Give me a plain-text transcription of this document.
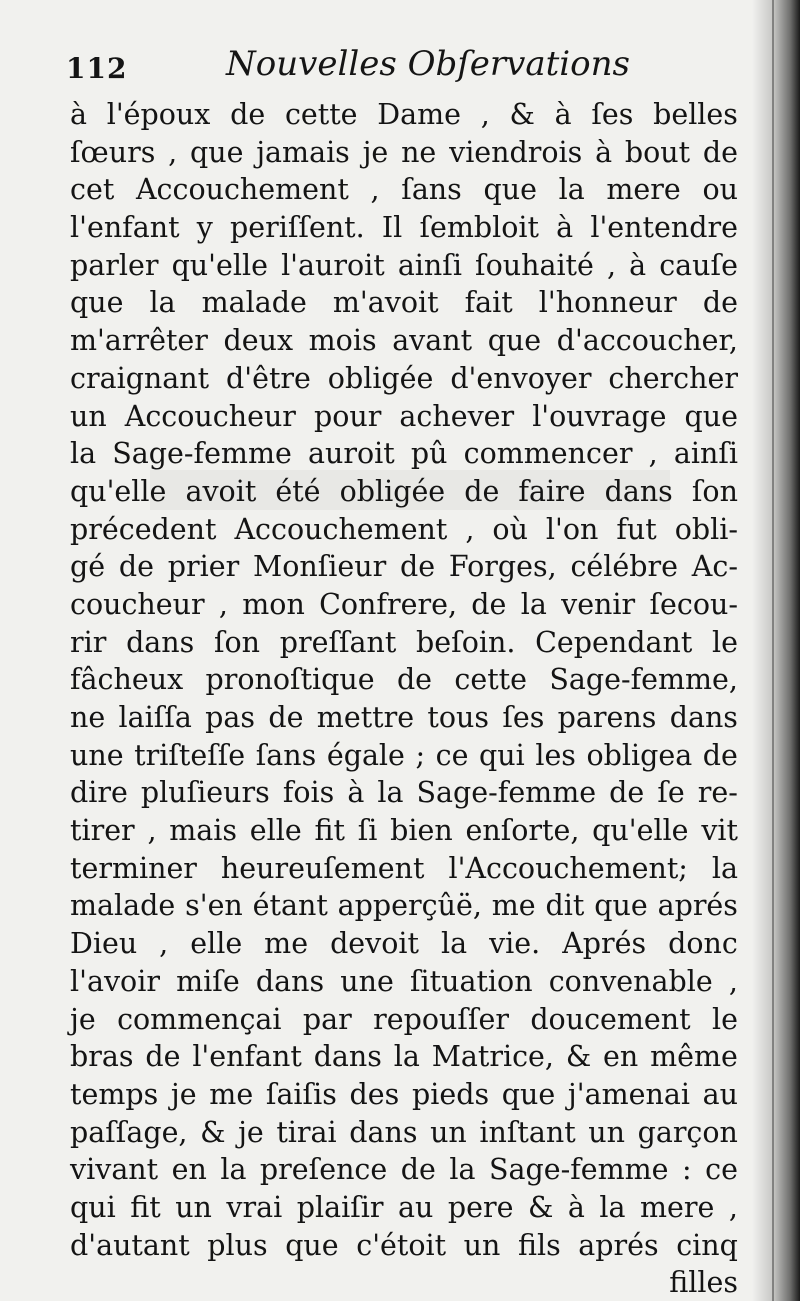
112	Nouvelles Obſervations
à l'époux de cette Dame , & à ſes belles
ſœurs , que jamais je ne viendrois à bout de
cet Accouchement , ſans que la mere ou
l'enfant y periſſent. Il ſembloit à l'entendre
parler qu'elle l'auroit ainſi ſouhaité , à cauſe
que la malade m'avoit fait l'honneur de
m'arrêter deux mois avant que d'accoucher,
craignant d'être obligée d'envoyer chercher
un Accoucheur pour achever l'ouvrage que
la Sage-femme auroit pû commencer , ainſi
qu'elle avoit été obligée de faire dans ſon
précedent Accouchement , où l'on fut obli-
gé de prier Monſieur de Forges, célébre Ac-
coucheur , mon Confrere, de la venir ſecou-
rir dans ſon preſſant beſoin. Cependant le
fâcheux pronoſtique de cette Sage-femme,
ne laiſſa pas de mettre tous ſes parens dans
une triſteſſe ſans égale ; ce qui les obligea de
dire pluſieurs fois à la Sage-femme de ſe re-
tirer , mais elle fit ſi bien enſorte, qu'elle vit
terminer heureuſement l'Accouchement; la
malade s'en étant apperçûë, me dit que aprés
Dieu , elle me devoit la vie. Aprés donc
l'avoir miſe dans une ſituation convenable ,
je commençai par repouſſer doucement le
bras de l'enfant dans la Matrice, & en même
temps je me ſaiſis des pieds que j'amenai au
paſſage, & je tirai dans un inſtant un garçon
vivant en la preſence de la Sage-femme : ce
qui fit un vrai plaiſir au pere & à la mere ,
d'autant plus que c'étoit un fils aprés cinq
filles
